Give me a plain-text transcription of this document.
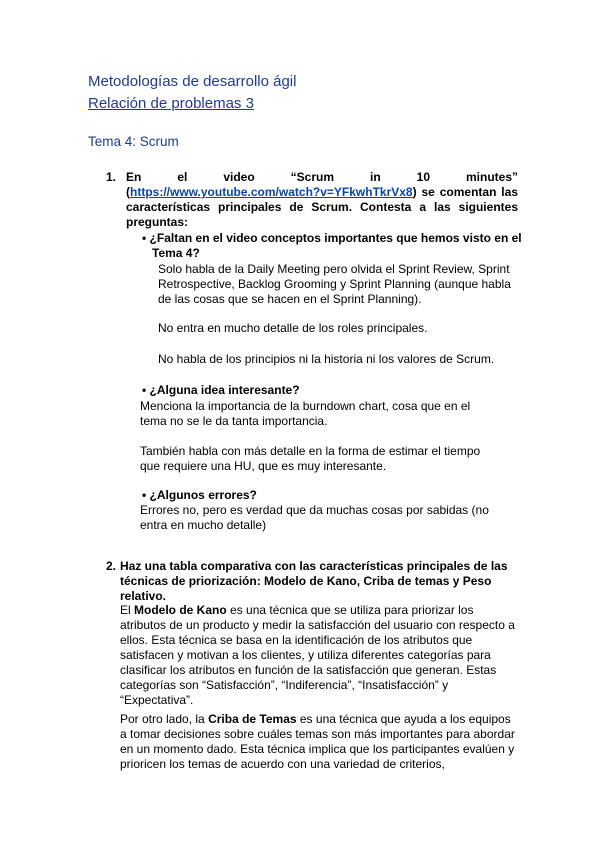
Metodologías de desarrollo ágil
Relación de problemas 3
Tema 4: Scrum
1. En el video “Scrum in 10 minutes” (https://www.youtube.com/watch?v=YFkwhTkrVx8) se comentan las características principales de Scrum. Contesta a las siguientes preguntas:
• ¿Faltan en el video conceptos importantes que hemos visto en el Tema 4?
Solo habla de la Daily Meeting pero olvida el Sprint Review, Sprint Retrospective, Backlog Grooming y Sprint Planning (aunque habla de las cosas que se hacen en el Sprint Planning).
No entra en mucho detalle de los roles principales.
No habla de los principios ni la historia ni los valores de Scrum.
• ¿Alguna idea interesante?
Menciona la importancia de la burndown chart, cosa que en el tema no se le da tanta importancia.
También habla con más detalle en la forma de estimar el tiempo que requiere una HU, que es muy interesante.
• ¿Algunos errores?
Errores no, pero es verdad que da muchas cosas por sabidas (no entra en mucho detalle)
2. Haz una tabla comparativa con las características principales de las técnicas de priorización: Modelo de Kano, Criba de temas y Peso relativo.
El Modelo de Kano es una técnica que se utiliza para priorizar los atributos de un producto y medir la satisfacción del usuario con respecto a ellos. Esta técnica se basa en la identificación de los atributos que satisfacen y motivan a los clientes, y utiliza diferentes categorías para clasificar los atributos en función de la satisfacción que generan. Estas categorías son “Satisfacción”, “Indiferencia”, “Insatisfacción” y “Expectativa”.
Por otro lado, la Criba de Temas es una técnica que ayuda a los equipos a tomar decisiones sobre cuáles temas son más importantes para abordar en un momento dado. Esta técnica implica que los participantes evalúen y prioricen los temas de acuerdo con una variedad de criterios,
